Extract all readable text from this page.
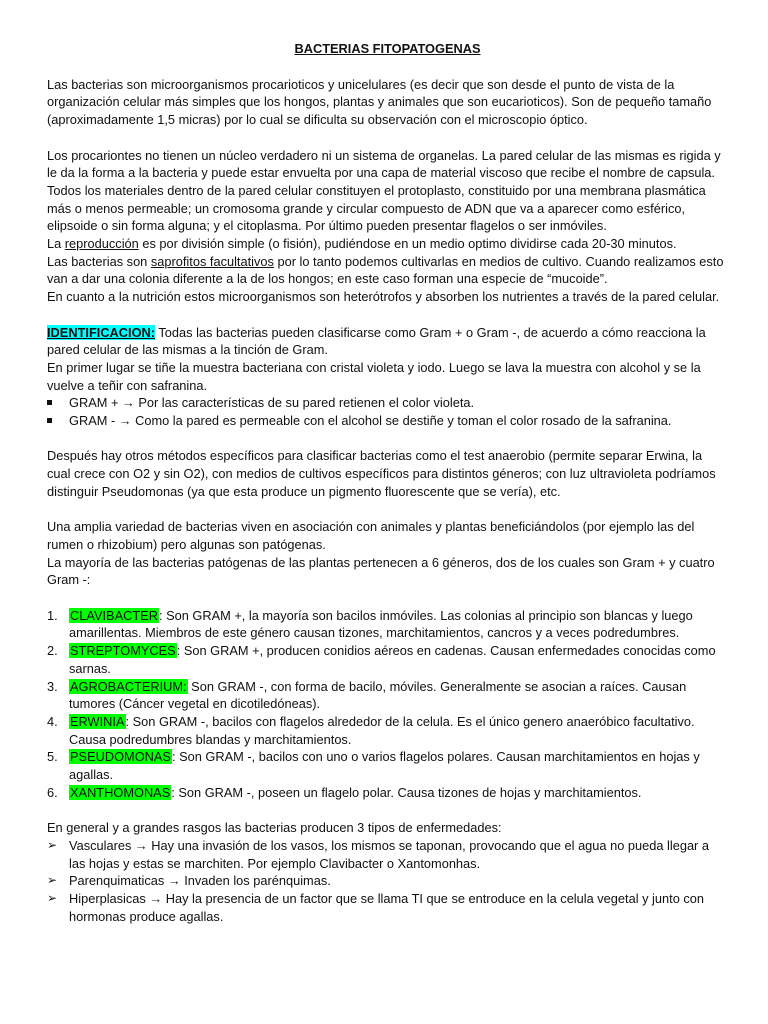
BACTERIAS FITOPATOGENAS

Las bacterias son microorganismos procarioticos y unicelulares (es decir que son desde el punto de vista de la organización celular más simples que los hongos, plantas y animales que son eucarioticos). Son de pequeño tamaño (aproximadamente 1,5 micras) por lo cual se dificulta su observación con el microscopio óptico.

Los procariontes no tienen un núcleo verdadero ni un sistema de organelas. La pared celular de las mismas es rigida y le da la forma a la bacteria y puede estar envuelta por una capa de material viscoso que recibe el nombre de capsula. Todos los materiales dentro de la pared celular constituyen el protoplasto, constituido por una membrana plasmática más o menos permeable; un cromosoma grande y circular compuesto de ADN que va a aparecer como esférico, elipsoide o sin forma alguna; y el citoplasma. Por último pueden presentar flagelos o ser inmóviles.

La reproducción es por división simple (o fisión), pudiéndose en un medio optimo dividirse cada 20-30 minutos.

Las bacterias son saprofitos facultativos por lo tanto podemos cultivarlas en medios de cultivo. Cuando realizamos esto van a dar una colonia diferente a la de los hongos; en este caso forman una especie de “mucoide”.

En cuanto a la nutrición estos microorganismos son heterótrofos y absorben los nutrientes a través de la pared celular.

IDENTIFICACION: Todas las bacterias pueden clasificarse como Gram + o Gram -, de acuerdo a cómo reacciona la pared celular de las mismas a la tinción de Gram.

En primer lugar se tiñe la muestra bacteriana con cristal violeta y iodo. Luego se lava la muestra con alcohol y se la vuelve a teñir con safranina.

GRAM + → Por las características de su pared retienen el color violeta.
GRAM - → Como la pared es permeable con el alcohol se destiñe y toman el color rosado de la safranina.

Después hay otros métodos específicos para clasificar bacterias como el test anaerobio (permite separar Erwina, la cual crece con O2 y sin O2), con medios de cultivos específicos para distintos géneros; con luz ultravioleta podríamos distinguir Pseudomonas (ya que esta produce un pigmento fluorescente que se vería), etc.

Una amplia variedad de bacterias viven en asociación con animales y plantas beneficiándolos (por ejemplo las del rumen o rhizobium) pero algunas son patógenas.

La mayoría de las bacterias patógenas de las plantas pertenecen a 6 géneros, dos de los cuales son Gram + y cuatro Gram -:

1. CLAVIBACTER: Son GRAM +, la mayoría son bacilos inmóviles. Las colonias al principio son blancas y luego amarillentas. Miembros de este género causan tizones, marchitamientos, cancros y a veces podredumbres.
2. STREPTOMYCES: Son GRAM +, producen conidios aéreos en cadenas. Causan enfermedades conocidas como sarnas.
3. AGROBACTERIUM: Son GRAM -, con forma de bacilo, móviles. Generalmente se asocian a raíces. Causan tumores (Cáncer vegetal en dicotiledóneas).
4. ERWINIA: Son GRAM -, bacilos con flagelos alrededor de la celula. Es el único genero anaeróbico facultativo. Causa podredumbres blandas y marchitamientos.
5. PSEUDOMONAS: Son GRAM -, bacilos con uno o varios flagelos polares. Causan marchitamientos en hojas y agallas.
6. XANTHOMONAS: Son GRAM -, poseen un flagelo polar. Causa tizones de hojas y marchitamientos.

En general y a grandes rasgos las bacterias producen 3 tipos de enfermedades:

➢ Vasculares → Hay una invasión de los vasos, los mismos se taponan, provocando que el agua no pueda llegar a las hojas y estas se marchiten. Por ejemplo Clavibacter o Xantomonhas.
➢ Parenquimaticas → Invaden los parénquimas.
➢ Hiperplasicas → Hay la presencia de un factor que se llama TI que se entroduce en la celula vegetal y junto con hormonas produce agallas.
